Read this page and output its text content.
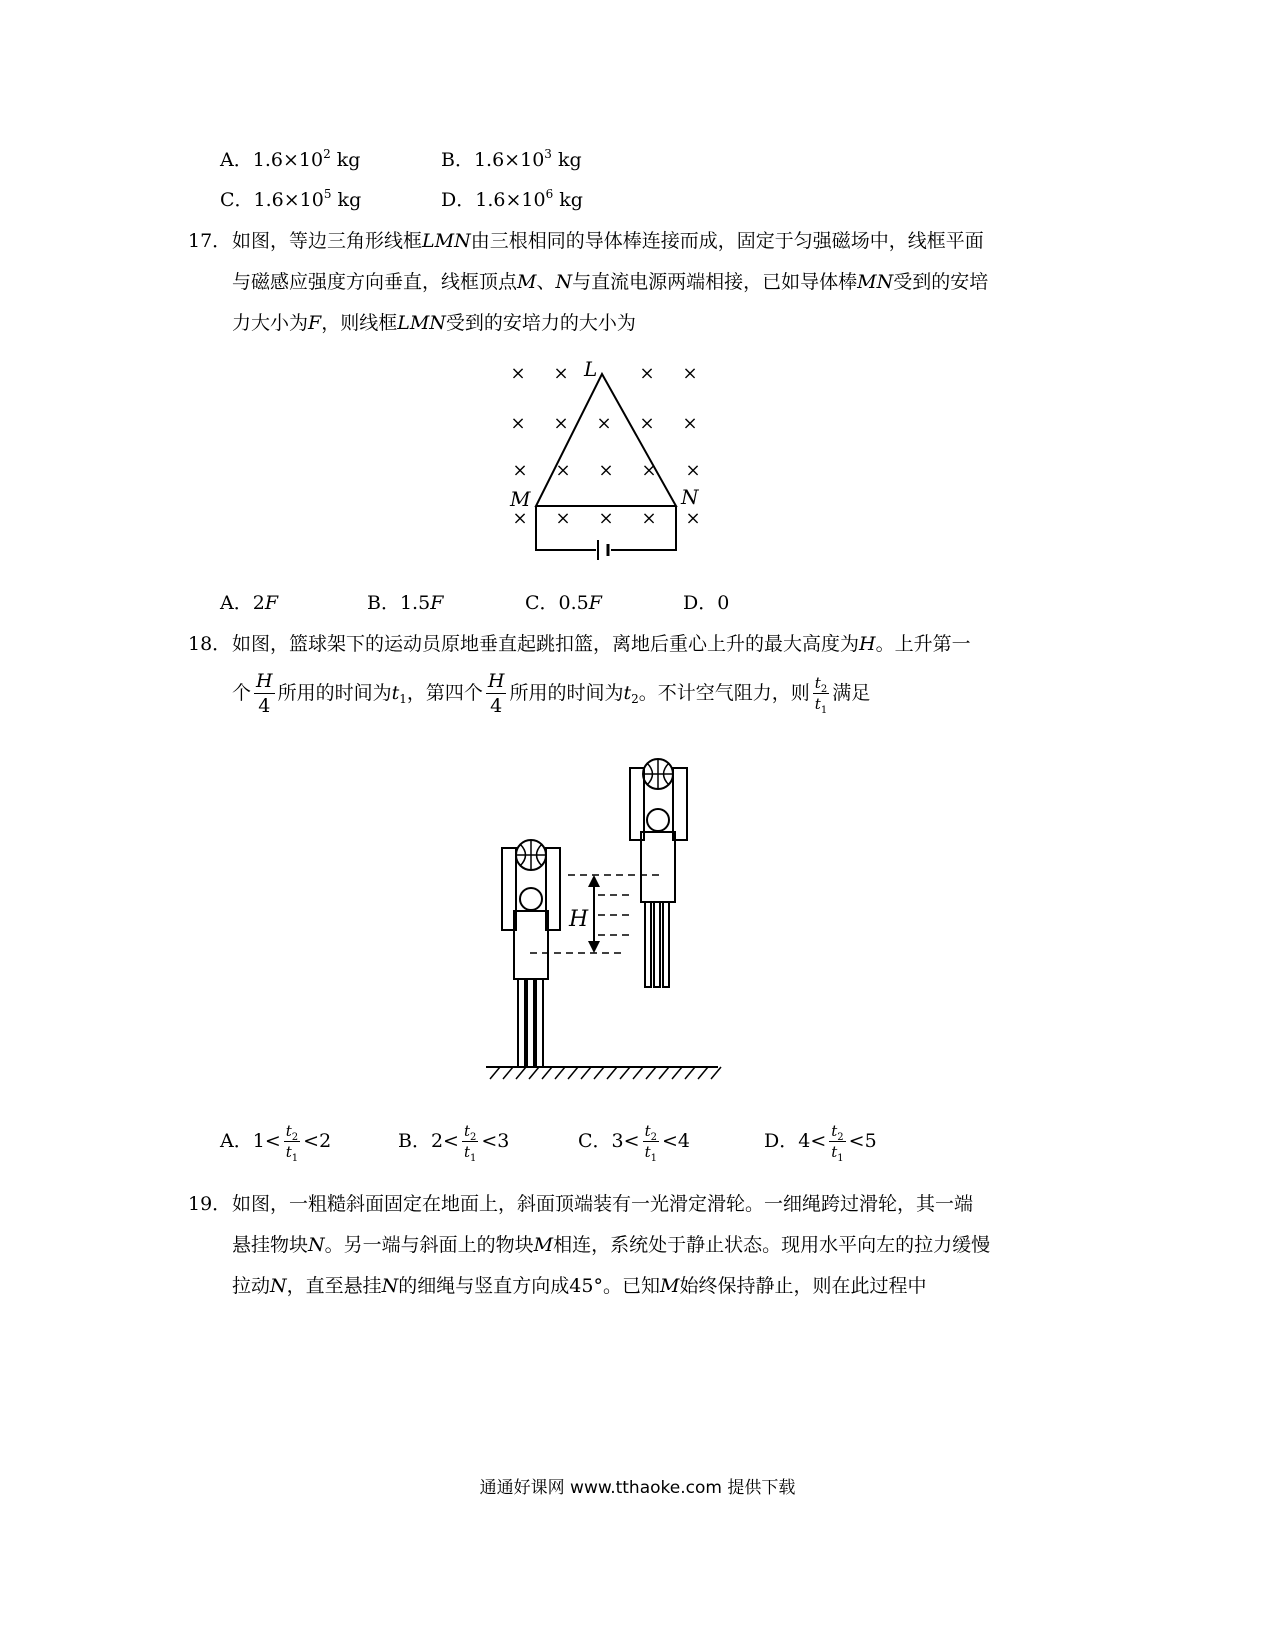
A．$1.6\times 10^2$ kg	B．$1.6\times 10^3$ kg
C．$1.6\times 10^5$ kg	D．$1.6\times 10^6$ kg
17． 如图，等边三角形线框LMN由三根相同的导体棒连接而成，固定于匀强磁场中，线框平面
与磁感应强度方向垂直，线框顶点M、N与直流电源两端相接，已如导体棒MN受到的安培
力大小为F，则线框LMN受到的安培力的大小为
× ×	× ×
× × × × ×
× × × × ×
× × × × ×
L
M	N
A．2F	B．1.5F	C．0.5F	D．0
18． 如图，篮球架下的运动员原地垂直起跳扣篮，离地后重心上升的最大高度为H。上升第一
个 $\frac{H}{4}$ 所用的时间为$t_1$，第四个 $\frac{H}{4}$ 所用的时间为$t_2$。不计空气阻力，则 $\frac{t_2}{t_1}$ 满足
H
A．$1< \frac{t_2}{t_1} <2$	B．$2< \frac{t_2}{t_1} <3$	C．$3< \frac{t_2}{t_1} <4$	D．$4< \frac{t_2}{t_1} <5$
19． 如图，一粗糙斜面固定在地面上，斜面顶端装有一光滑定滑轮。一细绳跨过滑轮，其一端
悬挂物块N。另一端与斜面上的物块M相连，系统处于静止状态。现用水平向左的拉力缓慢
拉动N，直至悬挂N的细绳与竖直方向成45°。已知M始终保持静止，则在此过程中
通通好课网 www.tthaoke.com 提供下载
